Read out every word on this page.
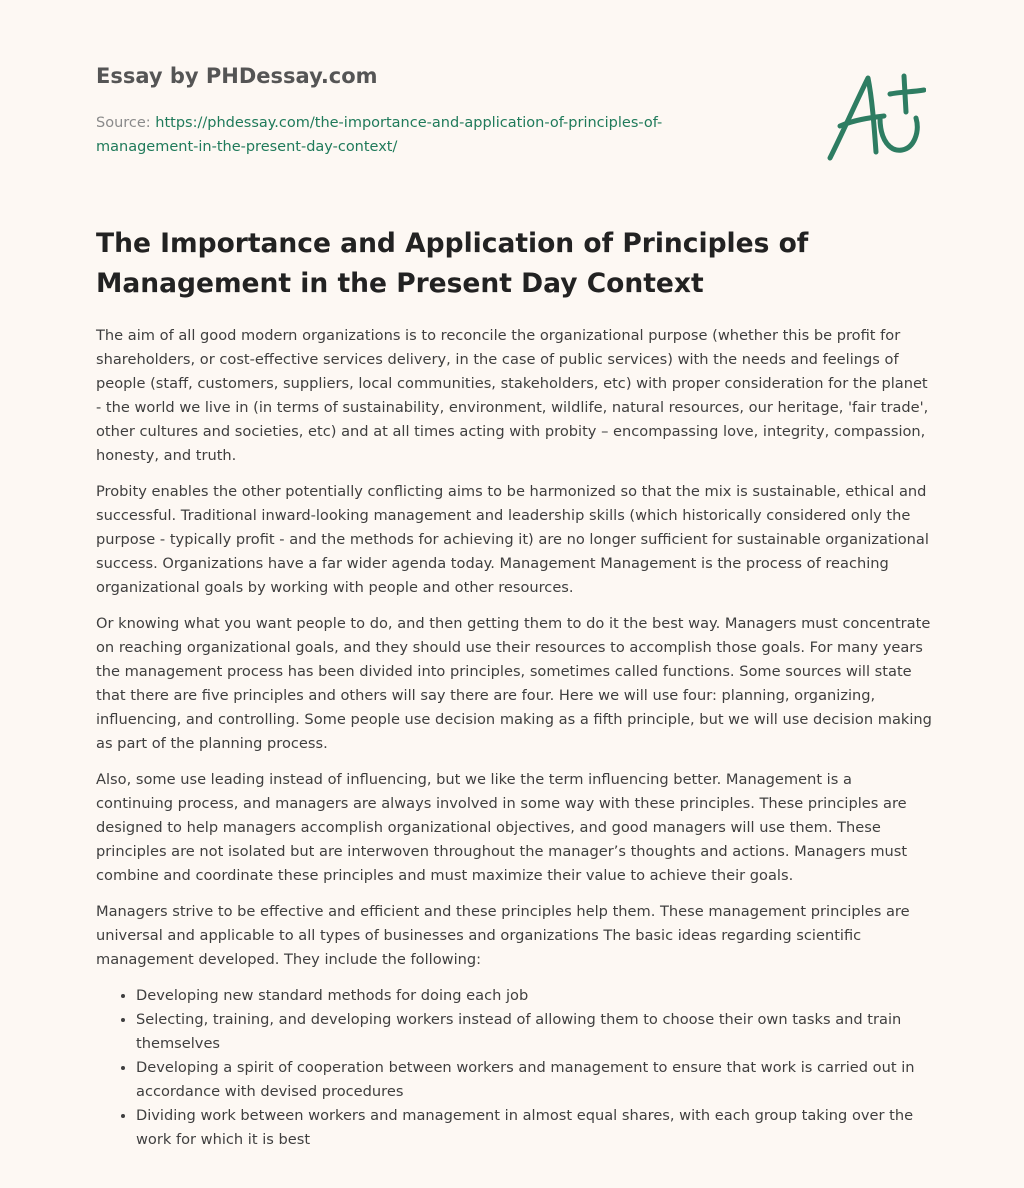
Essay by PHDessay.com
Source: https://phdessay.com/the-importance-and-application-of-principles-of-management-in-the-present-day-context/
The Importance and Application of Principles of Management in the Present Day Context

The aim of all good modern organizations is to reconcile the organizational purpose (whether this be profit for shareholders, or cost-effective services delivery, in the case of public services) with the needs and feelings of people (staff, customers, suppliers, local communities, stakeholders, etc) with proper consideration for the planet - the world we live in (in terms of sustainability, environment, wildlife, natural resources, our heritage, 'fair trade', other cultures and societies, etc) and at all times acting with probity – encompassing love, integrity, compassion, honesty, and truth.

Probity enables the other potentially conflicting aims to be harmonized so that the mix is sustainable, ethical and successful. Traditional inward-looking management and leadership skills (which historically considered only the purpose - typically profit - and the methods for achieving it) are no longer sufficient for sustainable organizational success. Organizations have a far wider agenda today. Management Management is the process of reaching organizational goals by working with people and other resources.

Or knowing what you want people to do, and then getting them to do it the best way. Managers must concentrate on reaching organizational goals, and they should use their resources to accomplish those goals. For many years the management process has been divided into principles, sometimes called functions. Some sources will state that there are five principles and others will say there are four. Here we will use four: planning, organizing, influencing, and controlling. Some people use decision making as a fifth principle, but we will use decision making as part of the planning process.

Also, some use leading instead of influencing, but we like the term influencing better. Management is a continuing process, and managers are always involved in some way with these principles. These principles are designed to help managers accomplish organizational objectives, and good managers will use them. These principles are not isolated but are interwoven throughout the manager’s thoughts and actions. Managers must combine and coordinate these principles and must maximize their value to achieve their goals.

Managers strive to be effective and efficient and these principles help them. These management principles are universal and applicable to all types of businesses and organizations The basic ideas regarding scientific management developed. They include the following:

• Developing new standard methods for doing each job
• Selecting, training, and developing workers instead of allowing them to choose their own tasks and train themselves
• Developing a spirit of cooperation between workers and management to ensure that work is carried out in accordance with devised procedures
• Dividing work between workers and management in almost equal shares, with each group taking over the work for which it is best
